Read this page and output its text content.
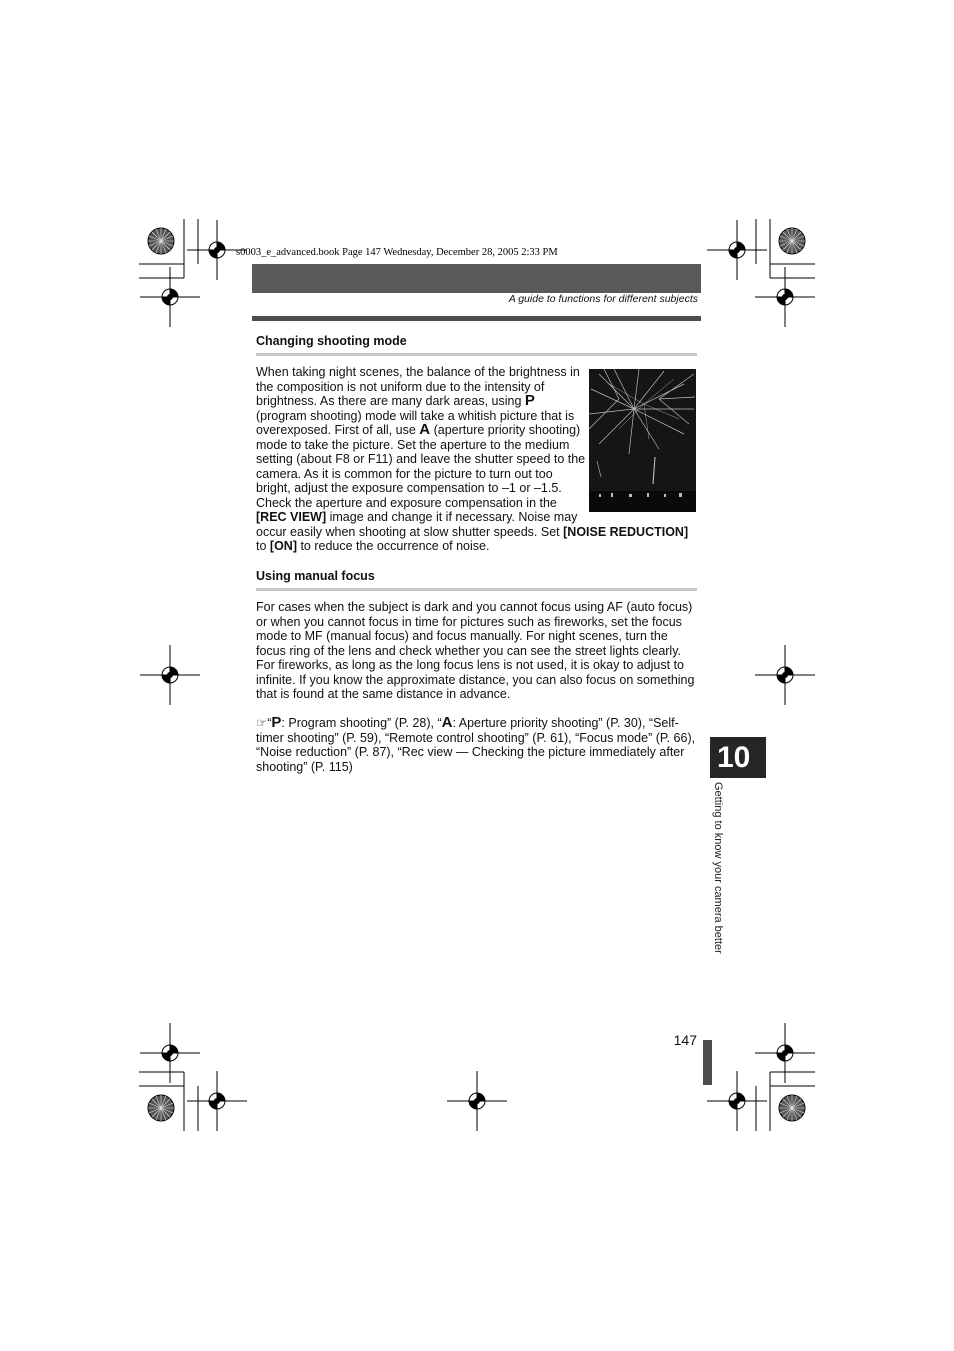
s0003_e_advanced.book Page 147 Wednesday, December 28, 2005 2:33 PM
A guide to functions for different subjects
Changing shooting mode
When taking night scenes, the balance of the brightness in the composition is not uniform due to the intensity of brightness. As there are many dark areas, using P (program shooting) mode will take a whitish picture that is overexposed. First of all, use A (aperture priority shooting) mode to take the picture. Set the aperture to the medium setting (about F8 or F11) and leave the shutter speed to the camera. As it is common for the picture to turn out too bright, adjust the exposure compensation to –1 or –1.5. Check the aperture and exposure compensation in the [REC VIEW] image and change it if necessary. Noise may occur easily when shooting at slow shutter speeds. Set [NOISE REDUCTION] to [ON] to reduce the occurrence of noise.
Using manual focus
For cases when the subject is dark and you cannot focus using AF (auto focus) or when you cannot focus in time for pictures such as fireworks, set the focus mode to MF (manual focus) and focus manually. For night scenes, turn the focus ring of the lens and check whether you can see the street lights clearly. For fireworks, as long as the long focus lens is not used, it is okay to adjust to infinite. If you know the approximate distance, you can also focus on something that is found at the same distance in advance.
☞“P: Program shooting” (P. 28), “A: Aperture priority shooting” (P. 30), “Self-timer shooting” (P. 59), “Remote control shooting” (P. 61), “Focus mode” (P. 66), “Noise reduction” (P. 87), “Rec view — Checking the picture immediately after shooting” (P. 115)	10
Getting to know your camera better
147
